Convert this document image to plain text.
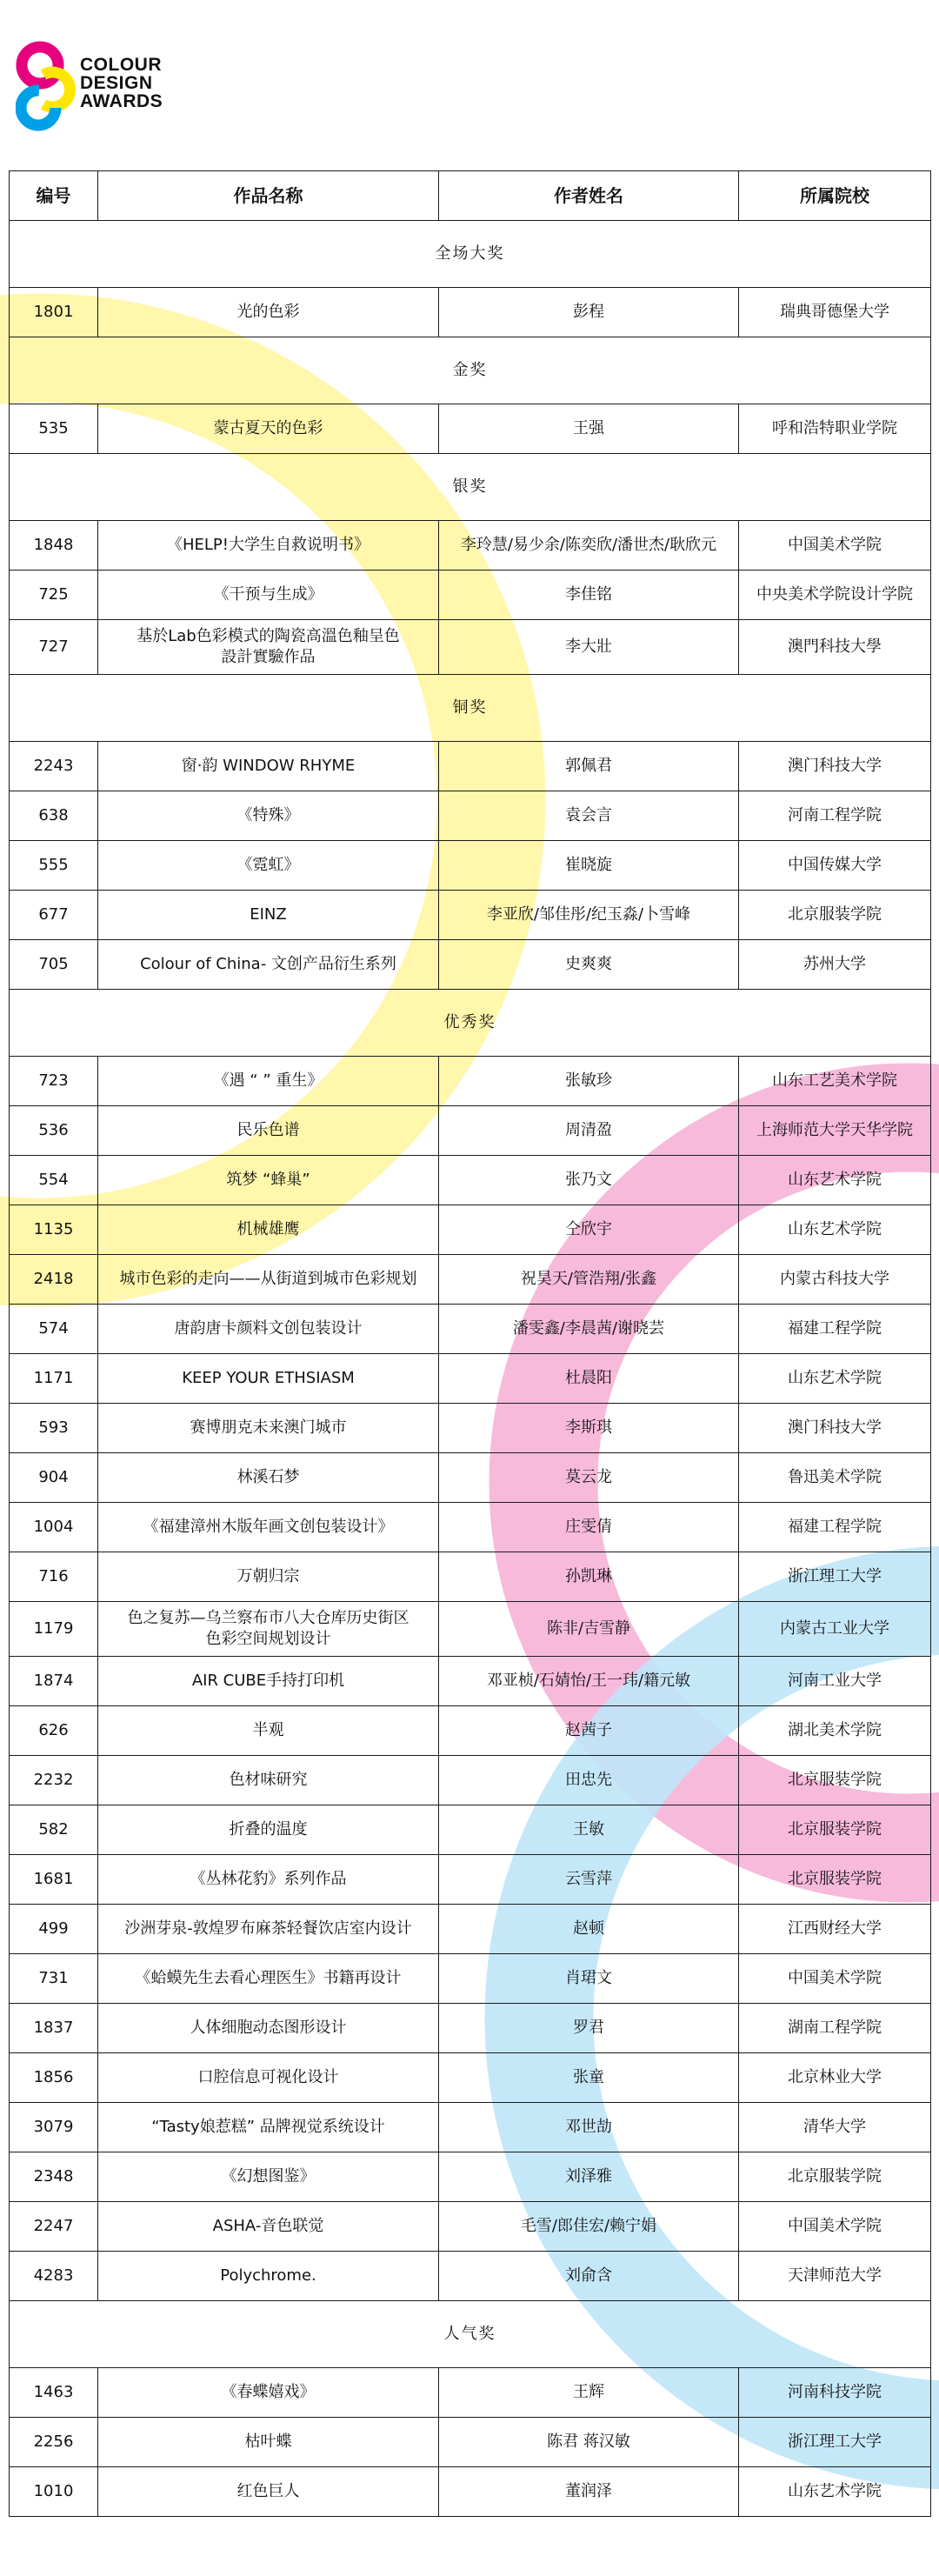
COLOUR
DESIGN
AWARDS
编号	作品名称	作者姓名	所属院校
全场大奖			
1801	光的色彩	彭程	瑞典哥德堡大学
金奖			
535	蒙古夏天的色彩	王强	呼和浩特职业学院
银奖			
1848	《HELP!大学生自救说明书》	李玲慧/易少余/陈奕欣/潘世杰/耿欣元	中国美术学院
725	《干预与生成》	李佳铭	中央美术学院设计学院
727	基於Lab色彩模式的陶瓷高溫色釉呈色
設計實驗作品	李大壯	澳門科技大學
铜奖			
2243	窗·韵 WINDOW RHYME	郭佩君	澳门科技大学
638	《特殊》	袁会言	河南工程学院
555	《霓虹》	崔晓旋	中国传媒大学
677	EINZ	李亚欣/邹佳彤/纪玉淼/卜雪峰	北京服装学院
705	Colour of China- 文创产品衍生系列	史爽爽	苏州大学
优秀奖			
723	《遇 “ ” 重生》	张敏珍	山东工艺美术学院
536	民乐色谱	周清盈	上海师范大学天华学院
554	筑梦 “蜂巢”	张乃文	山东艺术学院
1135	机械雄鹰	仝欣宇	山东艺术学院
2418	城市色彩的走向——从街道到城市色彩规划	祝昊天/管浩翔/张鑫	内蒙古科技大学
574	唐韵唐卡颜料文创包装设计	潘雯鑫/李晨茜/谢晓芸	福建工程学院
1171	KEEP YOUR ETHSIASM	杜晨阳	山东艺术学院
593	赛博朋克未来澳门城市	李斯琪	澳门科技大学
904	林溪石梦	莫云龙	鲁迅美术学院
1004	《福建漳州木版年画文创包装设计》	庄雯倩	福建工程学院
716	万朝归宗	孙凯琳	浙江理工大学
1179	色之复苏—乌兰察布市八大仓库历史街区
色彩空间规划设计	陈非/吉雪静	内蒙古工业大学
1874	AIR CUBE手持打印机	邓亚桢/石婧怡/王一玮/籍元敏	河南工业大学
626	半观	赵茜子	湖北美术学院
2232	色材味研究	田忠先	北京服装学院
582	折叠的温度	王敏	北京服装学院
1681	《丛林花豹》系列作品	云雪萍	北京服装学院
499	沙洲芽泉-敦煌罗布麻茶轻餐饮店室内设计	赵顿	江西财经大学
731	《蛤蟆先生去看心理医生》书籍再设计	肖珺文	中国美术学院
1837	人体细胞动态图形设计	罗君	湖南工程学院
1856	口腔信息可视化设计	张童	北京林业大学
3079	“Tasty娘惹糕” 品牌视觉系统设计	邓世劼	清华大学
2348	《幻想图鉴》	刘泽雅	北京服装学院
2247	ASHA-音色联觉	毛雪/郎佳宏/赖宁娟	中国美术学院
4283	Polychrome.	刘俞含	天津师范大学
人气奖			
1463	《春蝶嬉戏》	王辉	河南科技学院
2256	枯叶蝶	陈君 蒋汉敏	浙江理工大学
1010	红色巨人	董润泽	山东艺术学院
